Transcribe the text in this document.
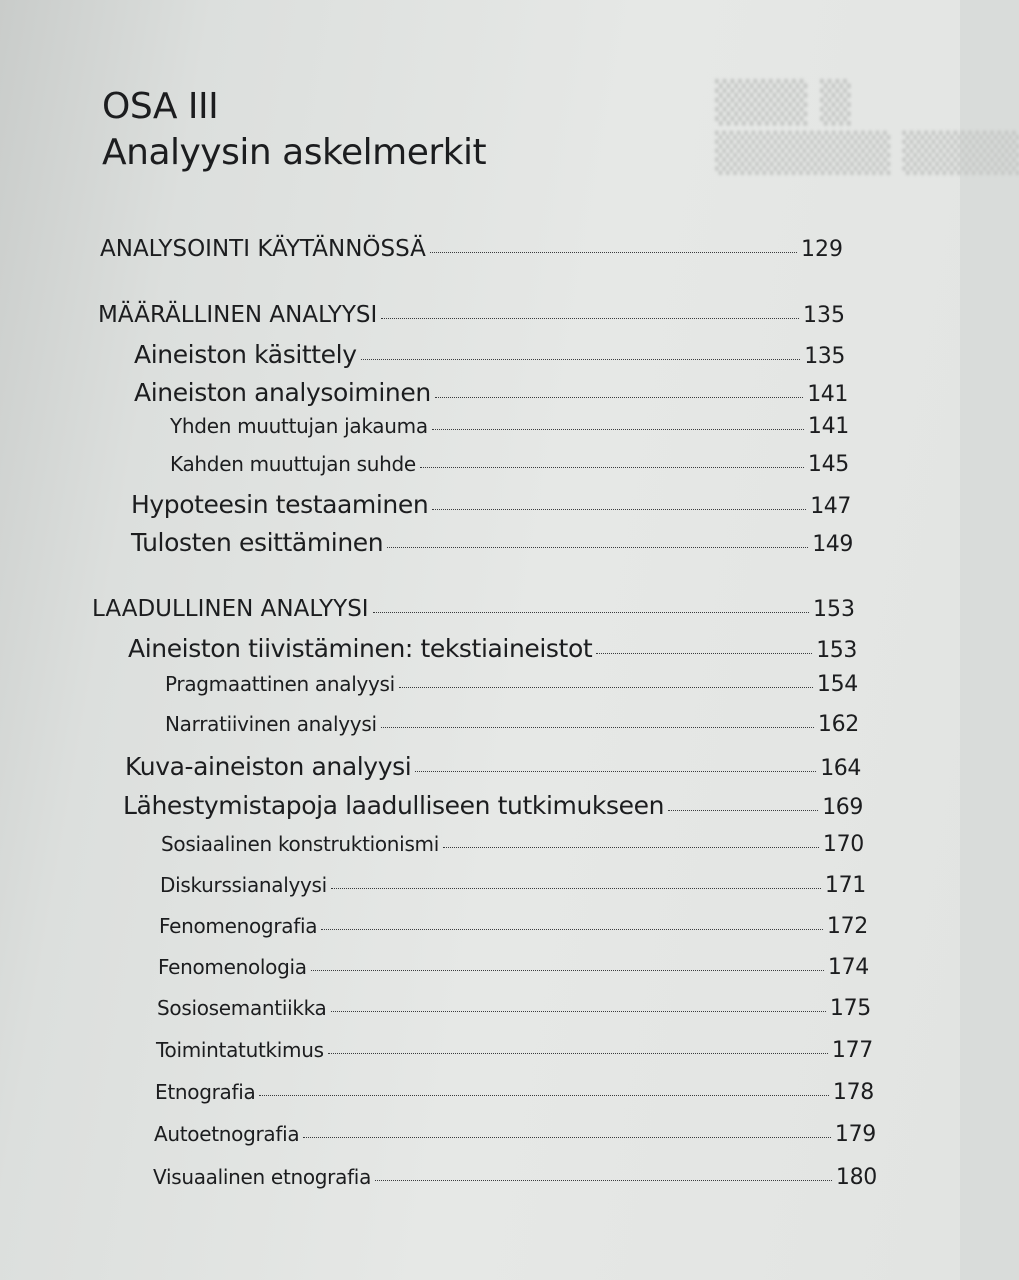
▒▒▒ ▒
▒▒▒▒▒▒ ▒▒▒▒
OSA III
Analyysin askelmerkit
ANALYSOINTI KÄYTÄNNÖSSÄ	129
MÄÄRÄLLINEN ANALYYSI	135
Aineiston käsittely	135
Aineiston analysoiminen	141
Yhden muuttujan jakauma	141
Kahden muuttujan suhde	145
Hypoteesin testaaminen	147
Tulosten esittäminen	149
LAADULLINEN ANALYYSI	153
Aineiston tiivistäminen: tekstiaineistot	153
Pragmaattinen analyysi	154
Narratiivinen analyysi	162
Kuva-aineiston analyysi	164
Lähestymistapoja laadulliseen tutkimukseen	169
Sosiaalinen konstruktionismi	170
Diskurssianalyysi	171
Fenomenografia	172
Fenomenologia	174
Sosiosemantiikka	175
Toimintatutkimus	177
Etnografia	178
Autoetnografia	179
Visuaalinen etnografia	180
